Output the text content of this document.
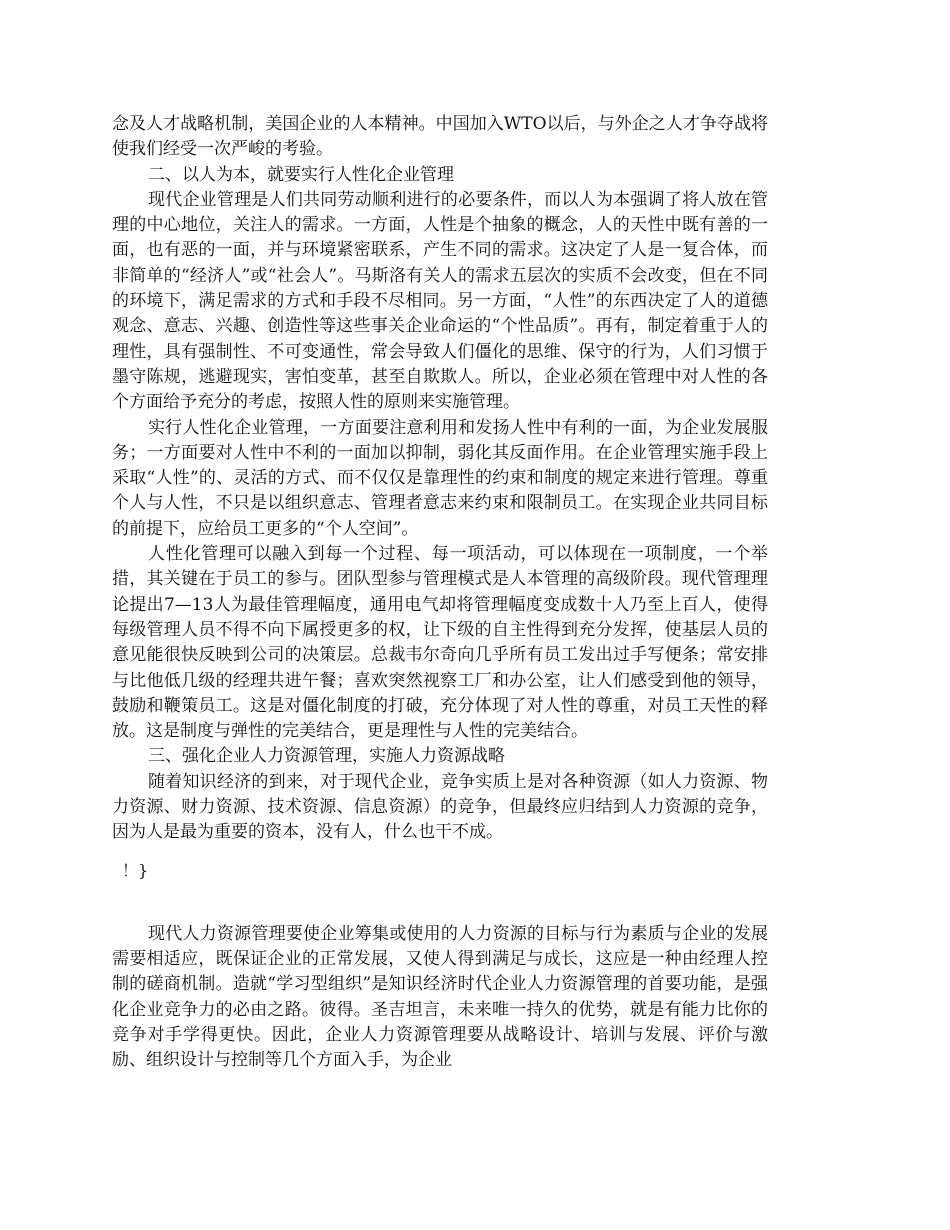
念及人才战略机制，美国企业的人本精神。中国加入WTO以后，与外企之人才争夺战将使我们经受一次严峻的考验。

二、以人为本，就要实行人性化企业管理

现代企业管理是人们共同劳动顺利进行的必要条件，而以人为本强调了将人放在管理的中心地位，关注人的需求。一方面，人性是个抽象的概念，人的天性中既有善的一面，也有恶的一面，并与环境紧密联系，产生不同的需求。这决定了人是一复合体，而非简单的“经济人”或“社会人”。马斯洛有关人的需求五层次的实质不会改变，但在不同的环境下，满足需求的方式和手段不尽相同。另一方面，“人性”的东西决定了人的道德观念、意志、兴趣、创造性等这些事关企业命运的“个性品质”。再有，制定着重于人的理性，具有强制性、不可变通性，常会导致人们僵化的思维、保守的行为，人们习惯于墨守陈规，逃避现实，害怕变革，甚至自欺欺人。所以，企业必须在管理中对人性的各个方面给予充分的考虑，按照人性的原则来实施管理。

实行人性化企业管理，一方面要注意利用和发扬人性中有利的一面，为企业发展服务；一方面要对人性中不利的一面加以抑制，弱化其反面作用。在企业管理实施手段上采取“人性”的、灵活的方式、而不仅仅是靠理性的约束和制度的规定来进行管理。尊重个人与人性，不只是以组织意志、管理者意志来约束和限制员工。在实现企业共同目标的前提下，应给员工更多的“个人空间”。

人性化管理可以融入到每一个过程、每一项活动，可以体现在一项制度，一个举措，其关键在于员工的参与。团队型参与管理模式是人本管理的高级阶段。现代管理理论提出7—13人为最佳管理幅度，通用电气却将管理幅度变成数十人乃至上百人，使得每级管理人员不得不向下属授更多的权，让下级的自主性得到充分发挥，使基层人员的意见能很快反映到公司的决策层。总裁韦尔奇向几乎所有员工发出过手写便条；常安排与比他低几级的经理共进午餐；喜欢突然视察工厂和办公室，让人们感受到他的领导，鼓励和鞭策员工。这是对僵化制度的打破，充分体现了对人性的尊重，对员工天性的释放。这是制度与弹性的完美结合，更是理性与人性的完美结合。

三、强化企业人力资源管理，实施人力资源战略

随着知识经济的到来，对于现代企业，竞争实质上是对各种资源（如人力资源、物力资源、财力资源、技术资源、信息资源）的竞争，但最终应归结到人力资源的竞争，因为人是最为重要的资本，没有人，什么也干不成。

！}

现代人力资源管理要使企业筹集或使用的人力资源的目标与行为素质与企业的发展需要相适应，既保证企业的正常发展，又使人得到满足与成长，这应是一种由经理人控制的磋商机制。造就“学习型组织”是知识经济时代企业人力资源管理的首要功能，是强化企业竞争力的必由之路。彼得。圣吉坦言，未来唯一持久的优势，就是有能力比你的竞争对手学得更快。因此，企业人力资源管理要从战略设计、培训与发展、评价与激励、组织设计与控制等几个方面入手，为企业
